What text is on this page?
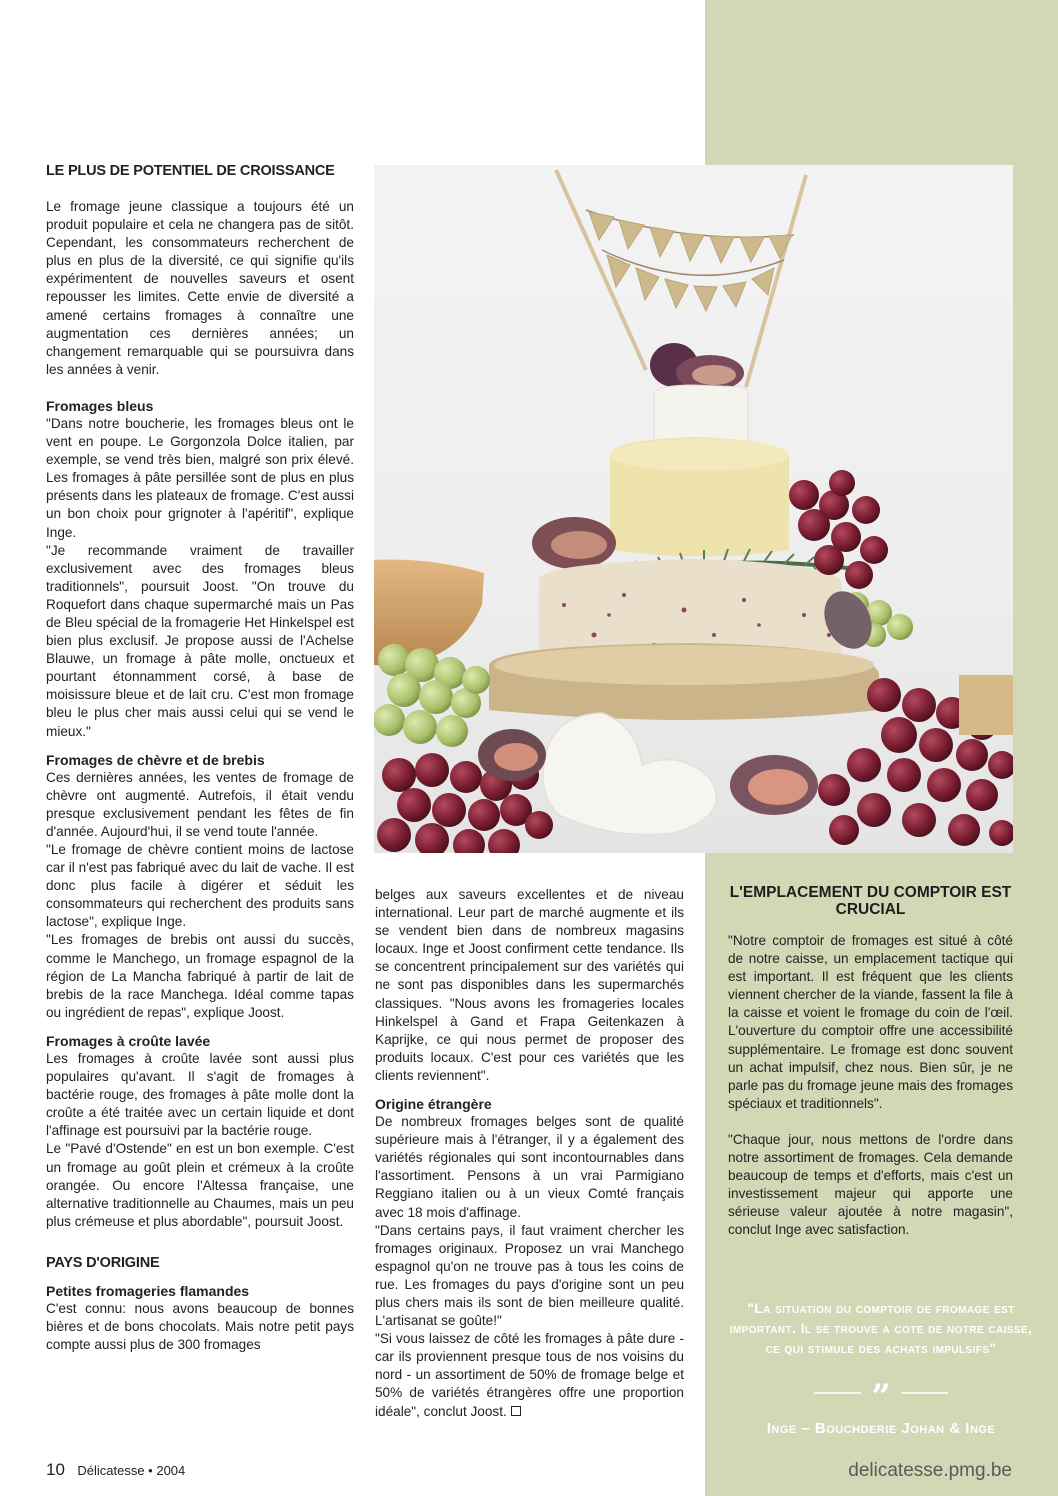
LE PLUS DE POTENTIEL DE CROISSANCE

Le fromage jeune classique a toujours été un produit populaire et cela ne changera pas de sitôt. Cependant, les consommateurs recherchent de plus en plus de la diversité, ce qui signifie qu'ils expérimentent de nouvelles saveurs et osent repousser les limites. Cette envie de diversité a amené certains fromages à connaître une augmentation ces dernières années; un changement remarquable qui se poursuivra dans les années à venir.

Fromages bleus

"Dans notre boucherie, les fromages bleus ont le vent en poupe. Le Gorgonzola Dolce italien, par exemple, se vend très bien, malgré son prix élevé. Les fromages à pâte persillée sont de plus en plus présents dans les plateaux de fromage. C'est aussi un bon choix pour grignoter à l'apéritif", explique Inge.

"Je recommande vraiment de travailler exclusivement avec des fromages bleus traditionnels", poursuit Joost. "On trouve du Roquefort dans chaque supermarché mais un Pas de Bleu spécial de la fromagerie Het Hinkelspel est bien plus exclusif. Je propose aussi de l'Achelse Blauwe, un fromage à pâte molle, onctueux et pourtant étonnamment corsé, à base de moisissure bleue et de lait cru. C'est mon fromage bleu le plus cher mais aussi celui qui se vend le mieux."

Fromages de chèvre et de brebis

Ces dernières années, les ventes de fromage de chèvre ont augmenté. Autrefois, il était vendu presque exclusivement pendant les fêtes de fin d'année. Aujourd'hui, il se vend toute l'année.

"Le fromage de chèvre contient moins de lactose car il n'est pas fabriqué avec du lait de vache. Il est donc plus facile à digérer et séduit les consommateurs qui recherchent des produits sans lactose", explique Inge.

"Les fromages de brebis ont aussi du succès, comme le Manchego, un fromage espagnol de la région de La Mancha fabriqué à partir de lait de brebis de la race Manchega. Idéal comme tapas ou ingrédient de repas", explique Joost.

Fromages à croûte lavée

Les fromages à croûte lavée sont aussi plus populaires qu'avant. Il s'agit de fromages à bactérie rouge, des fromages à pâte molle dont la croûte a été traitée avec un certain liquide et dont l'affinage est poursuivi par la bactérie rouge.

Le "Pavé d'Ostende" en est un bon exemple. C'est un fromage au goût plein et crémeux à la croûte orangée. Ou encore l'Altessa française, une alternative traditionnelle au Chaumes, mais un peu plus crémeuse et plus abordable", poursuit Joost.

PAYS D'ORIGINE

Petites fromageries flamandes

C'est connu: nous avons beaucoup de bonnes bières et de bons chocolats. Mais notre petit pays compte aussi plus de 300 fromages

belges aux saveurs excellentes et de niveau international. Leur part de marché augmente et ils se vendent bien dans de nombreux magasins locaux. Inge et Joost confirment cette tendance. Ils se concentrent principalement sur des variétés qui ne sont pas disponibles dans les supermarchés classiques. "Nous avons les fromageries locales Hinkelspel à Gand et Frapa Geitenkazen à Kaprijke, ce qui nous permet de proposer des produits locaux. C'est pour ces variétés que les clients reviennent".

Origine étrangère

De nombreux fromages belges sont de qualité supérieure mais à l'étranger, il y a également des variétés régionales qui sont incontournables dans l'assortiment. Pensons à un vrai Parmigiano Reggiano italien ou à un vieux Comté français avec 18 mois d'affinage.

"Dans certains pays, il faut vraiment chercher les fromages originaux. Proposez un vrai Manchego espagnol qu'on ne trouve pas à tous les coins de rue. Les fromages du pays d'origine sont un peu plus chers mais ils sont de bien meilleure qualité. L'artisanat se goûte!"

"Si vous laissez de côté les fromages à pâte dure - car ils proviennent presque tous de nos voisins du nord - un assortiment de 50% de fromage belge et 50% de variétés étrangères offre une proportion idéale", conclut Joost.

L'EMPLACEMENT DU COMPTOIR EST CRUCIAL

"Notre comptoir de fromages est situé à côté de notre caisse, un emplacement tactique qui est important. Il est fréquent que les clients viennent chercher de la viande, fassent la file à la caisse et voient le fromage du coin de l'œil. L'ouverture du comptoir offre une accessibilité supplémentaire. Le fromage est donc souvent un achat impulsif, chez nous. Bien sûr, je ne parle pas du fromage jeune mais des fromages spéciaux et traditionnels".

"Chaque jour, nous mettons de l'ordre dans notre assortiment de fromages. Cela demande beaucoup de temps et d'efforts, mais c'est un investissement majeur qui apporte une sérieuse valeur ajoutée à notre magasin", conclut Inge avec satisfaction.

"La situation du comptoir de fromage est important. Il se trouve a cote de notre caisse, ce qui stimule des achats impulsifs"
”
Inge – Bouchderie Johan & Inge
10 Délicatesse • 2004	delicatesse.pmg.be
